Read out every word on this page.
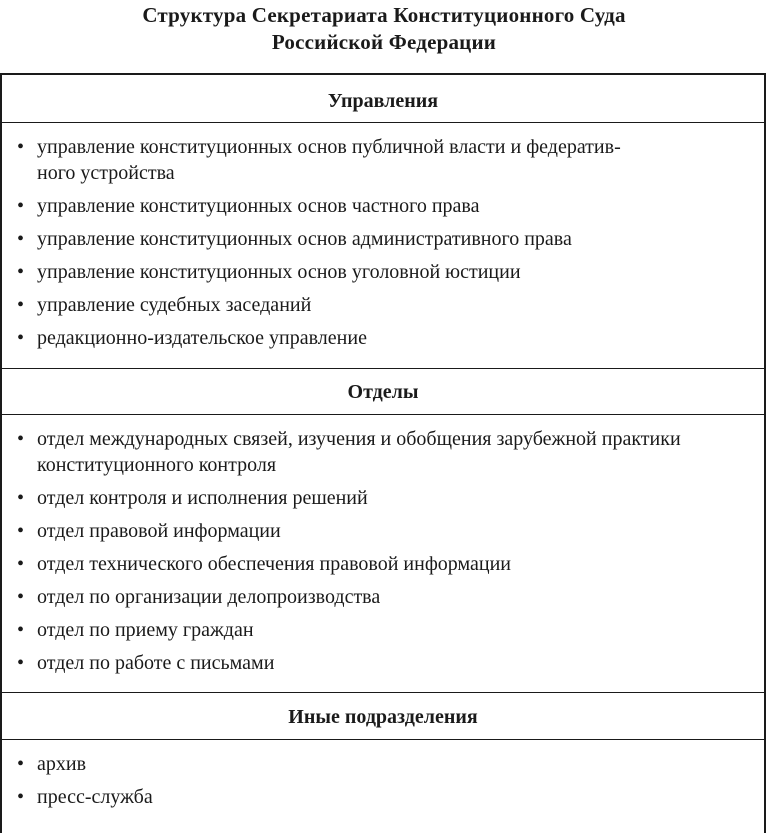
Структура Секретариата Конституционного Суда
Российской Федерации
Управления
• управление конституционных основ публичной власти и федератив-
ного устройства
• управление конституционных основ частного права
• управление конституционных основ административного права
• управление конституционных основ уголовной юстиции
• управление судебных заседаний
• редакционно-издательское управление
Отделы
• отдел международных связей, изучения и обобщения зарубежной практики конституционного контроля
• отдел контроля и исполнения решений
• отдел правовой информации
• отдел технического обеспечения правовой информации
• отдел по организации делопроизводства
• отдел по приему граждан
• отдел по работе с письмами
Иные подразделения
• архив
• пресс-служба
